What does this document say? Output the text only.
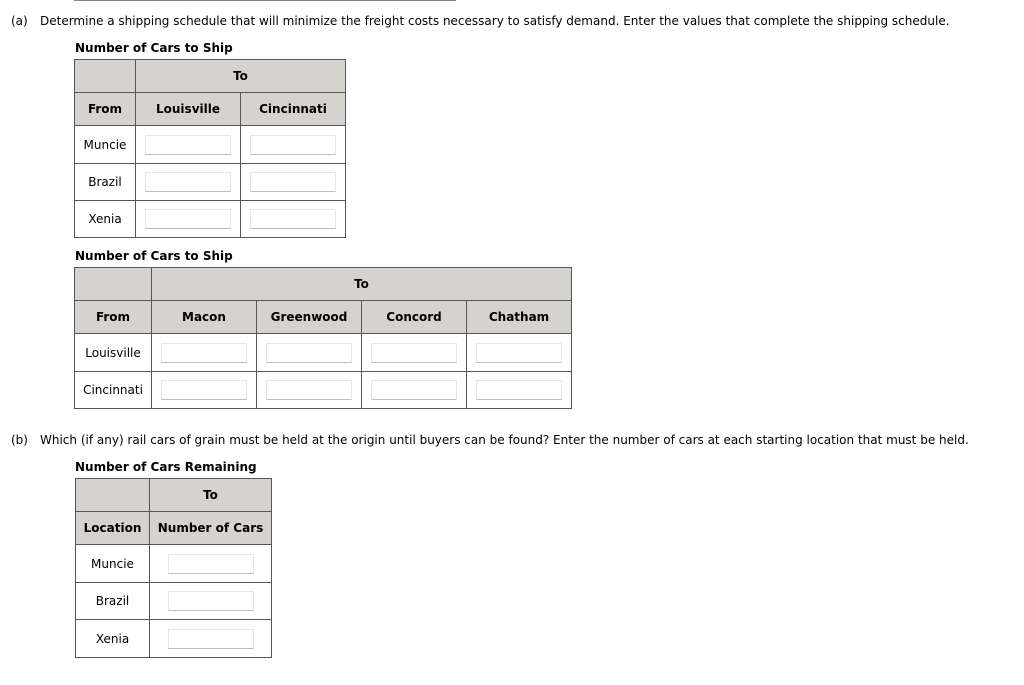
(a) Determine a shipping schedule that will minimize the freight costs necessary to satisfy demand. Enter the values that complete the shipping schedule.
Number of Cars to Ship
	To	
From	Louisville	Cincinnati
Muncie	

Brazil	

Xenia	

Number of Cars to Ship
	To			
From	Macon	Greenwood	Concord	Chatham
Louisville	

Cincinnati	

(b) Which (if any) rail cars of grain must be held at the origin until buyers can be found? Enter the number of cars at each starting location that must be held.
Number of Cars Remaining
	To
Location	Number of Cars
Muncie	

Brazil	

Xenia	
